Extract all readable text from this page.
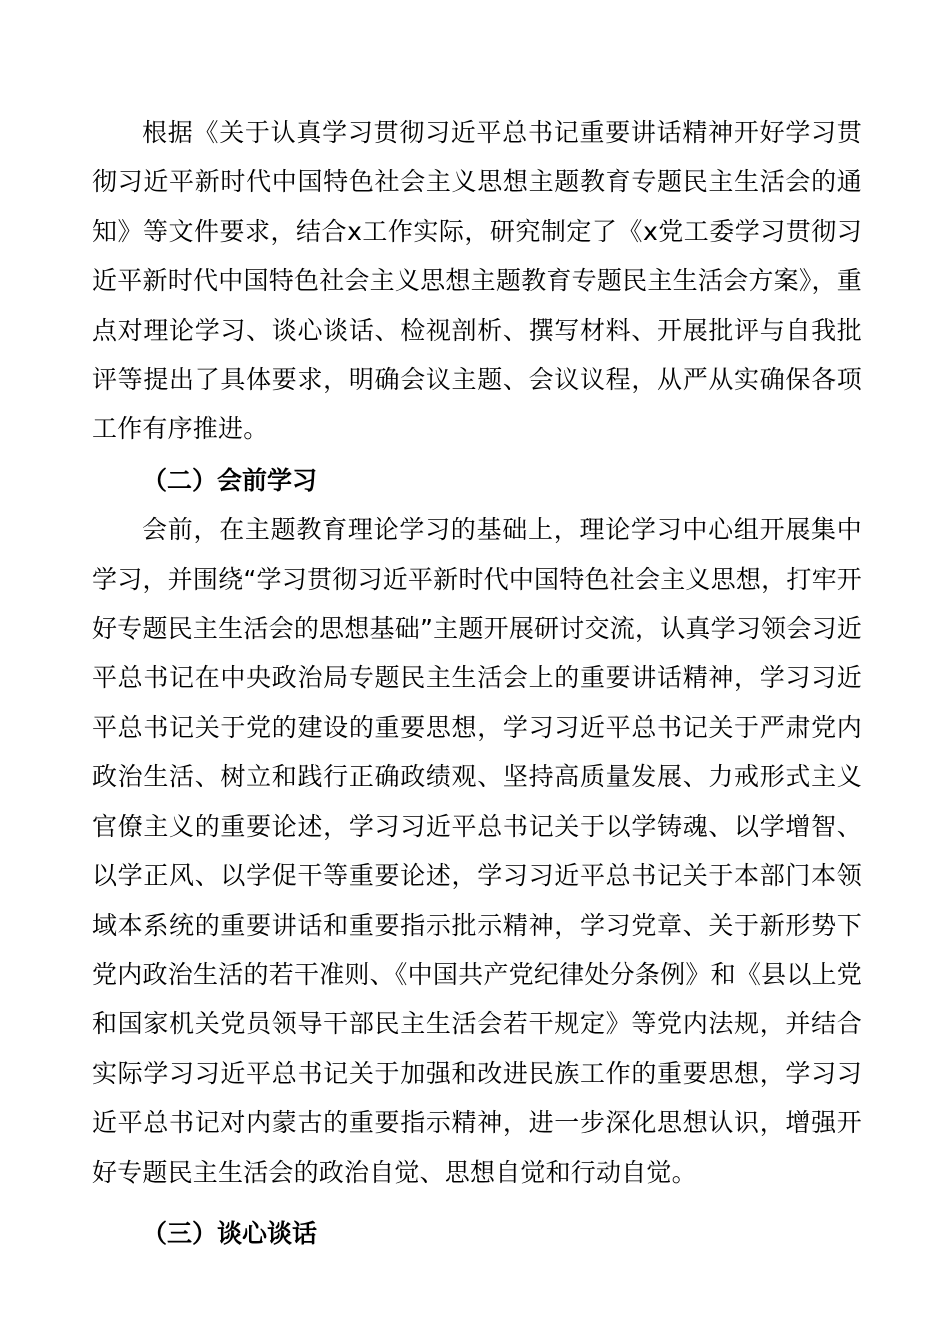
根据《关于认真学习贯彻习近平总书记重要讲话精神开好学习贯彻习近平新时代中国特色社会主义思想主题教育专题民主生活会的通知》等文件要求，结合x工作实际，研究制定了《x党工委学习贯彻习近平新时代中国特色社会主义思想主题教育专题民主生活会方案》，重点对理论学习、谈心谈话、检视剖析、撰写材料、开展批评与自我批评等提出了具体要求，明确会议主题、会议议程，从严从实确保各项工作有序推进。

（二）会前学习

会前，在主题教育理论学习的基础上，理论学习中心组开展集中学习，并围绕“学习贯彻习近平新时代中国特色社会主义思想，打牢开好专题民主生活会的思想基础”主题开展研讨交流，认真学习领会习近平总书记在中央政治局专题民主生活会上的重要讲话精神，学习习近平总书记关于党的建设的重要思想，学习习近平总书记关于严肃党内政治生活、树立和践行正确政绩观、坚持高质量发展、力戒形式主义官僚主义的重要论述，学习习近平总书记关于以学铸魂、以学增智、以学正风、以学促干等重要论述，学习习近平总书记关于本部门本领域本系统的重要讲话和重要指示批示精神，学习党章、关于新形势下党内政治生活的若干准则、《中国共产党纪律处分条例》和《县以上党和国家机关党员领导干部民主生活会若干规定》等党内法规，并结合实际学习习近平总书记关于加强和改进民族工作的重要思想，学习习近平总书记对内蒙古的重要指示精神，进一步深化思想认识，增强开好专题民主生活会的政治自觉、思想自觉和行动自觉。

（三）谈心谈话
